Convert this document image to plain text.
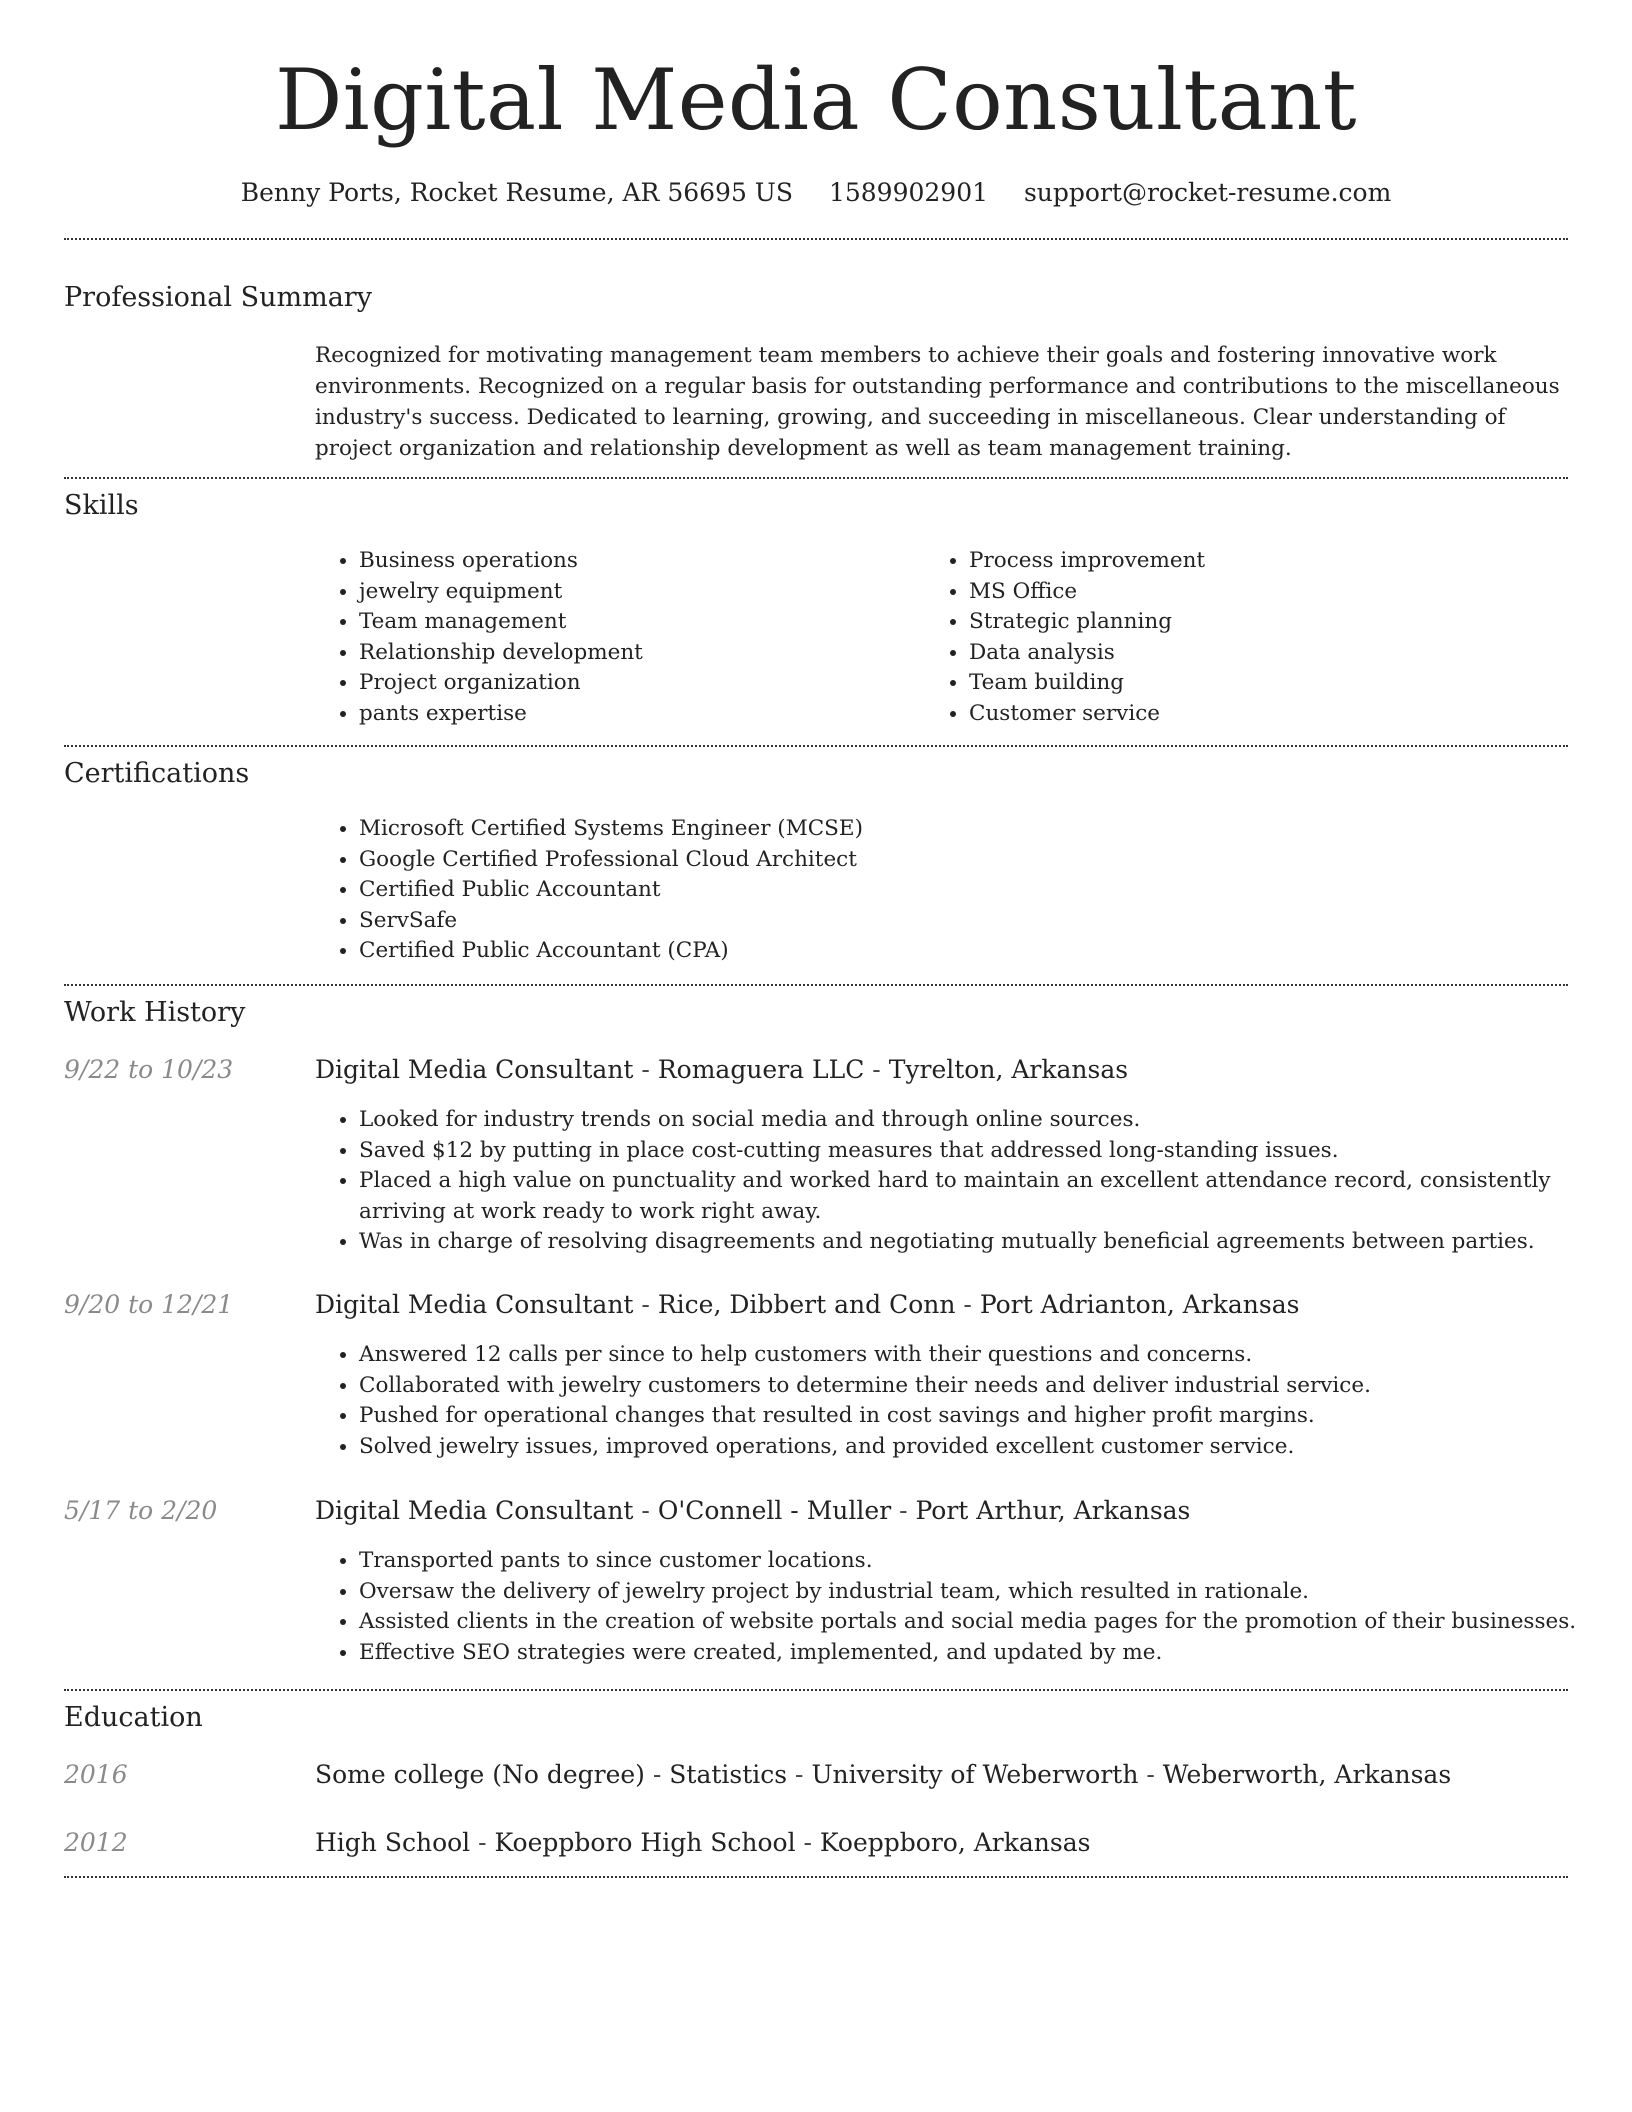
Digital Media Consultant
Benny Ports, Rocket Resume, AR 56695 US 1589902901 support@rocket-resume.com
Professional Summary

Recognized for motivating management team members to achieve their goals and fostering innovative work environments. Recognized on a regular basis for outstanding performance and contributions to the miscellaneous industry's success. Dedicated to learning, growing, and succeeding in miscellaneous. Clear understanding of project organization and relationship development as well as team management training.

Skills
• Business operations
• jewelry equipment
• Team management
• Relationship development
• Project organization
• pants expertise
• Process improvement
• MS Office
• Strategic planning
• Data analysis
• Team building
• Customer service
Certifications
• Microsoft Certified Systems Engineer (MCSE)
• Google Certified Professional Cloud Architect
• Certified Public Accountant
• ServSafe
• Certified Public Accountant (CPA)
Work History
9/22 to 10/23	Digital Media Consultant - Romaguera LLC - Tyrelton, Arkansas
• Looked for industry trends on social media and through online sources.
• Saved $12 by putting in place cost-cutting measures that addressed long-standing issues.
• Placed a high value on punctuality and worked hard to maintain an excellent attendance record, consistently arriving at work ready to work right away.
• Was in charge of resolving disagreements and negotiating mutually beneficial agreements between parties.
9/20 to 12/21	Digital Media Consultant - Rice, Dibbert and Conn - Port Adrianton, Arkansas
• Answered 12 calls per since to help customers with their questions and concerns.
• Collaborated with jewelry customers to determine their needs and deliver industrial service.
• Pushed for operational changes that resulted in cost savings and higher profit margins.
• Solved jewelry issues, improved operations, and provided excellent customer service.
5/17 to 2/20	Digital Media Consultant - O'Connell - Muller - Port Arthur, Arkansas
• Transported pants to since customer locations.
• Oversaw the delivery of jewelry project by industrial team, which resulted in rationale.
• Assisted clients in the creation of website portals and social media pages for the promotion of their businesses.
• Effective SEO strategies were created, implemented, and updated by me.
Education
2016	Some college (No degree) - Statistics - University of Weberworth - Weberworth, Arkansas
2012	High School - Koeppboro High School - Koeppboro, Arkansas
